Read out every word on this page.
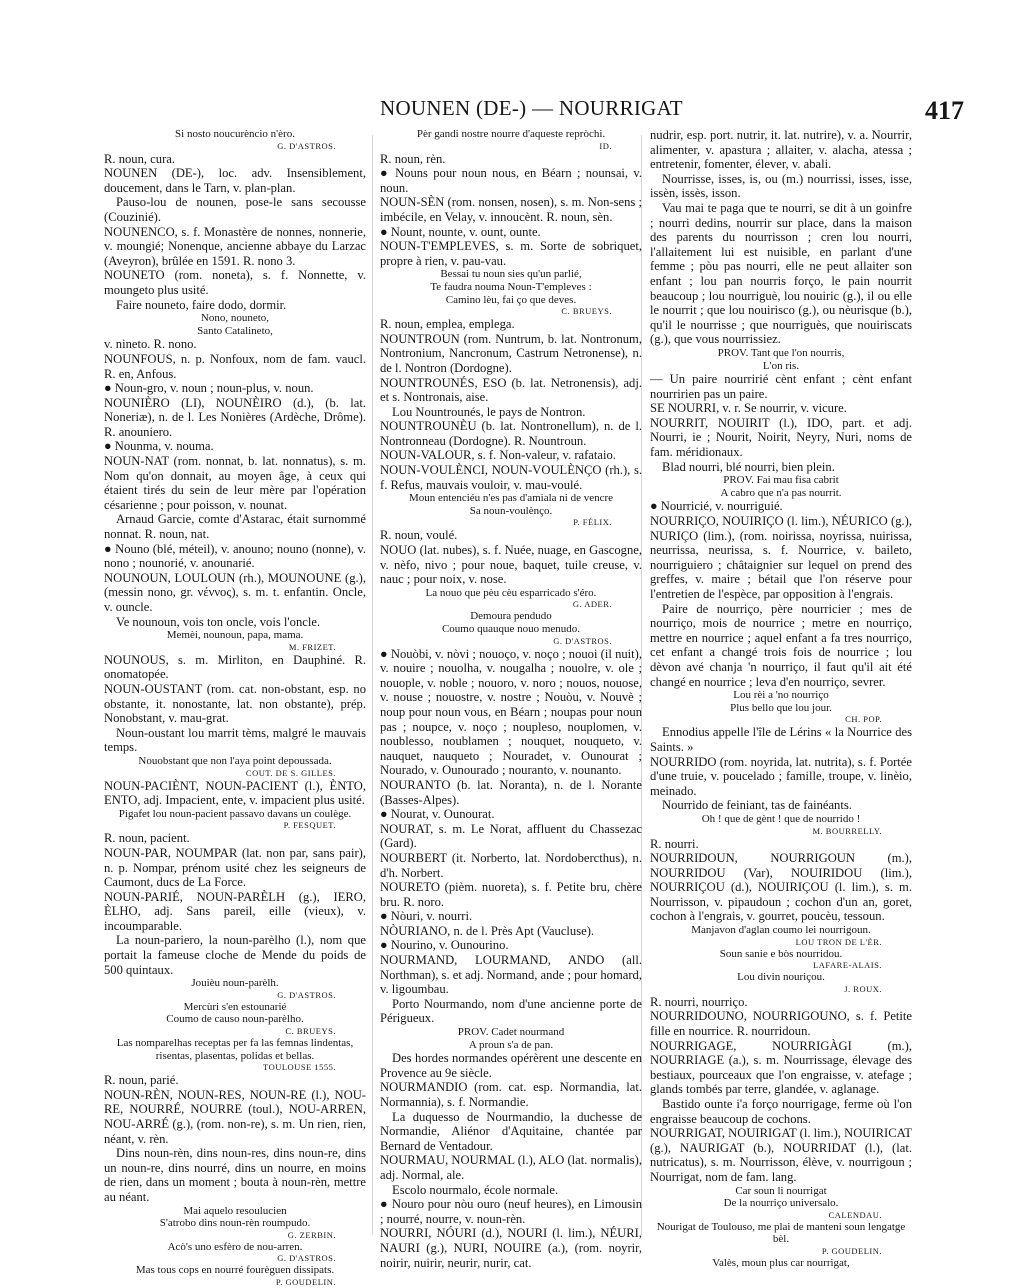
NOUNEN (DE-) — NOURRIGAT	417

Si nosto noucurèncio n'èro.

G. D'ASTROS.

R. noun, cura.

NOUNEN (DE-), loc. adv. Insensiblement, doucement, dans le Tarn, v. plan-plan.

Pauso-lou de nounen, pose-le sans secousse (Couzinié).

NOUNENCO, s. f. Monastère de nonnes, nonnerie, v. moungié; Nonenque, ancienne abbaye du Larzac (Aveyron), brûlée en 1591. R. nono 3.

NOUNETO (rom. noneta), s. f. Nonnette, v. moungeto plus usité.

Faire nouneto, faire dodo, dormir.

Nono, nouneto,

Santo Catalineto,

v. nineto. R. nono.

NOUNFOUS, n. p. Nonfoux, nom de fam. vaucl. R. en, Anfous.

● Noun-gro, v. noun ; noun-plus, v. noun.

NOUNIÈRO (LI), NOUNÈIRO (d.), (b. lat. Noneriæ), n. de l. Les Nonières (Ardèche, Drôme). R. anouniero.

● Nounma, v. nouma.

NOUN-NAT (rom. nonnat, b. lat. nonnatus), s. m. Nom qu'on donnait, au moyen âge, à ceux qui étaient tirés du sein de leur mère par l'opération césarienne ; pour poisson, v. nounat.

Arnaud Garcie, comte d'Astarac, était surnommé nonnat. R. noun, nat.

● Nouno (blé, méteil), v. anouno; nouno (nonne), v. nono ; nounorié, v. anounarié.

NOUNOUN, LOULOUN (rh.), MOUNOUNE (g.), (messin nono, gr. νέννος), s. m. t. enfantin. Oncle, v. ouncle.

Ve nounoun, vois ton oncle, vois l'oncle.

Memèi, nounoun, papa, mama.

M. FRIZET.

NOUNOUS, s. m. Mirliton, en Dauphiné. R. onomatopée.

NOUN-OUSTANT (rom. cat. non-obstant, esp. no obstante, it. nonostante, lat. non obstante), prép. Nonobstant, v. mau-grat.

Noun-oustant lou marrit tèms, malgré le mauvais temps.

Nouobstant que non l'aya point depoussada.

COUT. DE S. GILLES.

NOUN-PACIÈNT, NOUN-PACIENT (l.), ÈNTO, ENTO, adj. Impacient, ente, v. impacient plus usité.

Pigafet lou noun-pacient passavo davans un coulège.

P. FESQUET.

R. noun, pacient.

NOUN-PAR, NOUMPAR (lat. non par, sans pair), n. p. Nompar, prénom usité chez les seigneurs de Caumont, ducs de La Force.

NOUN-PARIÉ, NOUN-PARÈLH (g.), IERO, ÈLHO, adj. Sans pareil, eille (vieux), v. incoumparable.

La noun-pariero, la noun-parèlho (l.), nom que portait la fameuse cloche de Mende du poids de 500 quintaux.

Jouièu noun-parèlh.

G. D'ASTROS.

Mercùri s'en estounarié

Coumo de causo noun-parèlho.

C. BRUEYS.

Las nomparelhas receptas per fa las femnas lindentas, risentas, plasentas, polidas et bellas.

TOULOUSE 1555.

R. noun, parié.

NOUN-RÈN, NOUN-RES, NOUN-RE (l.), NOU-RE, NOURRÉ, NOURRE (toul.), NOU-ARREN, NOU-ARRÉ (g.), (rom. non-re), s. m. Un rien, rien, néant, v. rèn.

Dins noun-rèn, dins noun-res, dins noun-re, dins un noun-re, dins nourré, dins un nourre, en moins de rien, dans un moment ; bouta à noun-rèn, mettre au néant.

Mai aquelo resoulucien

S'atrobo dins noun-rèn roumpudo.

G. ZERBIN.

Acò's uno esfèro de nou-arren.

G. D'ASTROS.

Mas tous cops en nourré fourèguen dissipats.

P. GOUDELIN.

Pèr gandi nostre nourre d'aqueste repròchi.

ID.

R. noun, rèn.

● Nouns pour noun nous, en Béarn ; nounsai, v. noun.

NOUN-SÈN (rom. nonsen, nosen), s. m. Non-sens ; imbécile, en Velay, v. innoucènt. R. noun, sèn.

● Nount, nounte, v. ount, ounte.

NOUN-T'EMPLEVES, s. m. Sorte de sobriquet, propre à rien, v. pau-vau.

Bessai tu noun sies qu'un parlié,

Te faudra nouma Noun-T'empleves :

Camino lèu, fai ço que deves.

C. BRUEYS.

R. noun, emplea, emplega.

NOUNTROUN (rom. Nuntrum, b. lat. Nontronum, Nontronium, Nancronum, Castrum Netronense), n. de l. Nontron (Dordogne).

NOUNTROUNÉS, ESO (b. lat. Netronensis), adj. et s. Nontronais, aise.

Lou Nountrounés, le pays de Nontron.

NOUNTROUNÈU (b. lat. Nontronellum), n. de l. Nontronneau (Dordogne). R. Nountroun.

NOUN-VALOUR, s. f. Non-valeur, v. rafataio.

NOUN-VOULÈNCI, NOUN-VOULÈNÇO (rh.), s. f. Refus, mauvais vouloir, v. mau-voulé.

Moun entenciéu n'es pas d'amiala ni de vencre

Sa noun-voulènço.

P. FÉLIX.

R. noun, voulé.

NOUO (lat. nubes), s. f. Nuée, nuage, en Gascogne, v. nèfo, nivo ; pour noue, baquet, tuile creuse, v. nauc ; pour noix, v. nose.

La nouo que pèu cèu esparricado s'éro.

G. ADER.

Demoura pendudo

Coumo quauque nouo menudo.

G. D'ASTROS.

● Nouòbi, v. nòvi ; nouoço, v. noço ; nouoi (il nuit), v. nouire ; nouolha, v. nougalha ; nouolre, v. ole ; nouople, v. noble ; nouoro, v. noro ; nouos, nouose, v. nouse ; nouostre, v. nostre ; Nouòu, v. Nouvè ; noup pour noun vous, en Béarn ; noupas pour noun pas ; noupce, v. noço ; noupleso, nouplomen, v. noublesso, noublamen ; nouquet, nouqueto, v. nauquet, nauqueto ; Nouradet, v. Ounourat ; Nourado, v. Ounourado ; nouranto, v. nounanto.

NOURANTO (b. lat. Noranta), n. de l. Norante (Basses-Alpes).

● Nourat, v. Ounourat.

NOURAT, s. m. Le Norat, affluent du Chassezac (Gard).

NOURBERT (it. Norberto, lat. Nordobercthus), n. d'h. Norbert.

NOURETO (pièm. nuoreta), s. f. Petite bru, chère bru. R. noro.

● Nòuri, v. nourri.

NÒURIANO, n. de l. Près Apt (Vaucluse).

● Nourino, v. Ounourino.

NOURMAND, LOURMAND, ANDO (all. Northman), s. et adj. Normand, ande ; pour homard, v. ligoumbau.

Porto Nourmando, nom d'une ancienne porte de Périgueux.

PROV. Cadet nourmand

A proun s'a de pan.

Des hordes normandes opérèrent une descente en Provence au 9e siècle.

NOURMANDIO (rom. cat. esp. Normandia, lat. Normannia), s. f. Normandie.

La duquesso de Nourmandio, la duchesse de Normandie, Aliénor d'Aquitaine, chantée par Bernard de Ventadour.

NOURMAU, NOURMAL (l.), ALO (lat. normalis), adj. Normal, ale.

Escolo nourmalo, école normale.

● Nouro pour nòu ouro (neuf heures), en Limousin ; nourré, nourre, v. noun-rèn.

NOURRI, NÓURI (d.), NOURI (l. lim.), NÉURI, NAURI (g.), NURI, NOUIRE (a.), (rom. noyrir, noirir, nuirir, neurir, nurir, cat.

nudrir, esp. port. nutrir, it. lat. nutrire), v. a. Nourrir, alimenter, v. apastura ; allaiter, v. alacha, atessa ; entretenir, fomenter, élever, v. abali.

Nourrisse, isses, is, ou (m.) nourrissi, isses, isse, issèn, issès, isson.

Vau mai te paga que te nourri, se dit à un goinfre ; nourri dedins, nourrir sur place, dans la maison des parents du nourrisson ; cren lou nourri, l'allaitement lui est nuisible, en parlant d'une femme ; pòu pas nourri, elle ne peut allaiter son enfant ; lou pan nourris forço, le pain nourrit beaucoup ; lou nourriguè, lou nouiric (g.), il ou elle le nourrit ; que lou nouirisco (g.), ou nèurisque (b.), qu'il le nourrisse ; que nourriguès, que nouiriscats (g.), que vous nourrissiez.

PROV. Tant que l'on nourris,

L'on ris.

— Un paire nourririé cènt enfant ; cènt enfant nourririen pas un paire.

SE NOURRI, v. r. Se nourrir, v. vicure.

NOURRIT, NOUIRIT (l.), IDO, part. et adj. Nourri, ie ; Nourit, Noirit, Neyry, Nuri, noms de fam. méridionaux.

Blad nourri, blé nourri, bien plein.

PROV. Fai mau fisa cabrit

A cabro que n'a pas nourrit.

● Nourricié, v. nourriguié.

NOURRIÇO, NOUIRIÇO (l. lim.), NÉURICO (g.), NURIÇO (lim.), (rom. noirissa, noyrissa, nuirissa, neurrissa, neurissa, s. f. Nourrice, v. baileto, nourriguiero ; châtaignier sur lequel on prend des greffes, v. maire ; bétail que l'on réserve pour l'entretien de l'espèce, par opposition à l'engrais.

Paire de nourriço, père nourricier ; mes de nourriço, mois de nourrice ; metre en nourriço, mettre en nourrice ; aquel enfant a fa tres nourriço, cet enfant a changé trois fois de nourrice ; lou dèvon avé chanja 'n nourriço, il faut qu'il ait été changé en nourrice ; leva d'en nourriço, sevrer.

Lou rèi a 'no nourriço

Plus bello que lou jour.

CH. POP.

Ennodius appelle l'île de Lérins « la Nourrice des Saints. »

NOURRIDO (rom. noyrida, lat. nutrita), s. f. Portée d'une truie, v. poucelado ; famille, troupe, v. linèio, meinado.

Nourrido de feiniant, tas de fainéants.

Oh ! que de gènt ! que de nourrido !

M. BOURRELLY.

R. nourri.

NOURRIDOUN, NOURRIGOUN (m.), NOURRIDOU (Var), NOUIRIDOU (lim.), NOURRIÇOU (d.), NOUIRIÇOU (l. lim.), s. m. Nourrisson, v. pipaudoun ; cochon d'un an, goret, cochon à l'engrais, v. gourret, poucèu, tessoun.

Manjavon d'aglan coumo lei nourrigoun.

LOU TRON DE L'ÈR.

Soun sanie e bòs nourridou.

LAFARE-ALAIS.

Lou divin nouriçou.

J. ROUX.

R. nourri, nourriço.

NOURRIDOUNO, NOURRIGOUNO, s. f. Petite fille en nourrice. R. nourridoun.

NOURRIGAGE, NOURRIGÀGI (m.), NOURRIAGE (a.), s. m. Nourrissage, élevage des bestiaux, pourceaux que l'on engraisse, v. atefage ; glands tombés par terre, glandée, v. aglanage.

Bastido ounte i'a forço nourrigage, ferme où l'on engraisse beaucoup de cochons.

NOURRIGAT, NOUIRIGAT (l. lim.), NOUIRICAT (g.), NAURIGAT (b.), NOURRIDAT (l.), (lat. nutricatus), s. m. Nourrisson, élève, v. nourrigoun ; Nourrigat, nom de fam. lang.

Car soun li nourrigat

De la nourriço universalo.

CALENDAU.

Nourigat de Toulouso, me plai de manteni soun lengatge bèl.

P. GOUDELIN.

Valès, moun plus car nourrigat,
